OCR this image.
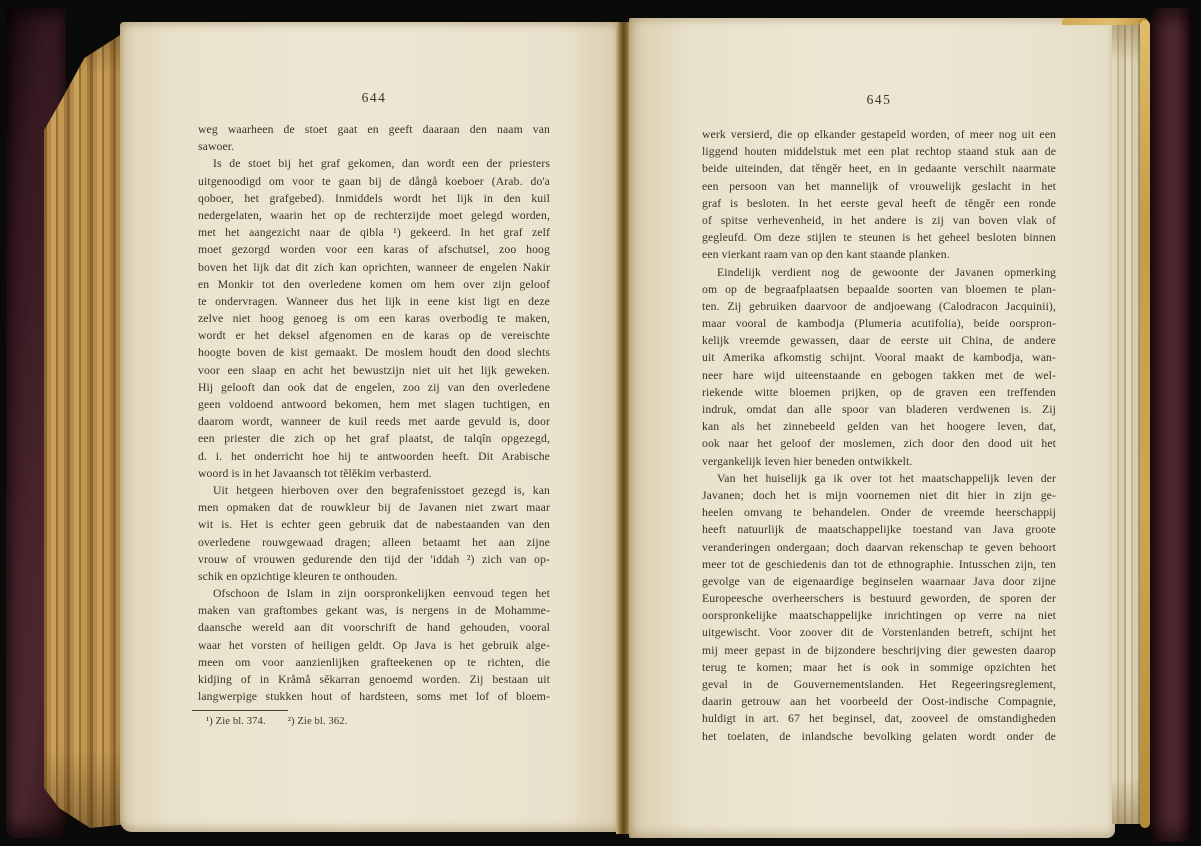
644	645
weg waarheen de stoet gaat en geeft daaraan den naam van
sawoer.
Is de stoet bij het graf gekomen, dan wordt een der priesters
uitgenoodigd om voor te gaan bij de dångå koeboer (Arab. do'a
qoboer, het grafgebed). Inmiddels wordt het lijk in den kuil
nedergelaten, waarin het op de rechterzijde moet gelegd worden,
met het aangezicht naar de qibla ¹) gekeerd. In het graf zelf
moet gezorgd worden voor een karas of afschutsel, zoo hoog
boven het lijk dat dit zich kan oprichten, wanneer de engelen Nakir
en Monkir tot den overledene komen om hem over zijn geloof
te ondervragen. Wanneer dus het lijk in eene kist ligt en deze
zelve niet hoog genoeg is om een karas overbodig te maken,
wordt er het deksel afgenomen en de karas op de vereischte
hoogte boven de kist gemaakt. De moslem houdt den dood slechts
voor een slaap en acht het bewustzijn niet uit het lijk geweken.
Hij gelooft dan ook dat de engelen, zoo zij van den overledene
geen voldoend antwoord bekomen, hem met slagen tuchtigen, en
daarom wordt, wanneer de kuil reeds met aarde gevuld is, door
een priester die zich op het graf plaatst, de talqîn opgezegd,
d. i. het onderricht hoe hij te antwoorden heeft. Dit Arabische
woord is in het Javaansch tot tĕlĕkim verbasterd.
Uit hetgeen hierboven over den begrafenisstoet gezegd is, kan
men opmaken dat de rouwkleur bij de Javanen niet zwart maar
wit is. Het is echter geen gebruik dat de nabestaanden van den
overledene rouwgewaad dragen; alleen betaamt het aan zijne
vrouw of vrouwen gedurende den tijd der 'iddah ²) zich van op-
schik en opzichtige kleuren te onthouden.
Ofschoon de Islam in zijn oorspronkelijken eenvoud tegen het
maken van graftombes gekant was, is nergens in de Mohamme-
daansche wereld aan dit voorschrift de hand gehouden, vooral
waar het vorsten of heiligen geldt. Op Java is het gebruik alge-
meen om voor aanzienlijken grafteekenen op te richten, die
kidjing of in Kråmå sĕkarran genoemd worden. Zij bestaan uit
langwerpige stukken hout of hardsteen, soms met lof of bloem-
werk versierd, die op elkander gestapeld worden, of meer nog uit een
liggend houten middelstuk met een plat rechtop staand stuk aan de
beide uiteinden, dat tĕngĕr heet, en in gedaante verschilt naarmate
een persoon van het mannelijk of vrouwelijk geslacht in het
graf is besloten. In het eerste geval heeft de tĕngĕr een ronde
of spitse verhevenheid, in het andere is zij van boven vlak of
gegleufd. Om deze stijlen te steunen is het geheel besloten binnen
een vierkant raam van op den kant staande planken.
Eindelijk verdient nog de gewoonte der Javanen opmerking
om op de begraafplaatsen bepaalde soorten van bloemen te plan-
ten. Zij gebruiken daarvoor de andjoewang (Calodracon Jacquinii),
maar vooral de kambodja (Plumeria acutifolia), beide oorspron-
kelijk vreemde gewassen, daar de eerste uit China, de andere
uit Amerika afkomstig schijnt. Vooral maakt de kambodja, wan-
neer hare wijd uiteenstaande en gebogen takken met de wel-
riekende witte bloemen prijken, op de graven een treffenden
indruk, omdat dan alle spoor van bladeren verdwenen is. Zij
kan als het zinnebeeld gelden van het hoogere leven, dat,
ook naar het geloof der moslemen, zich door den dood uit het
vergankelijk leven hier beneden ontwikkelt.
Van het huiselijk ga ik over tot het maatschappelijk leven der
Javanen; doch het is mijn voornemen niet dit hier in zijn ge-
heelen omvang te behandelen. Onder de vreemde heerschappij
heeft natuurlijk de maatschappelijke toestand van Java groote
veranderingen ondergaan; doch daarvan rekenschap te geven behoort
meer tot de geschiedenis dan tot de ethnographie. Intusschen zijn, ten
gevolge van de eigenaardige beginselen waarnaar Java door zijne
Europeesche overheerschers is bestuurd geworden, de sporen der
oorspronkelijke maatschappelijke inrichtingen op verre na niet
uitgewischt. Voor zoover dit de Vorstenlanden betreft, schijnt het
mij meer gepast in de bijzondere beschrijving dier gewesten daarop
terug te komen; maar het is ook in sommige opzichten het
geval in de Gouvernementslanden. Het Regeeringsreglement,
daarin getrouw aan het voorbeeld der Oost-indische Compagnie,
huldigt in art. 67 het beginsel, dat, zooveel de omstandigheden
het toelaten, de inlandsche bevolking gelaten wordt onder de
¹) Zie bl. 374. ²) Zie bl. 362.
